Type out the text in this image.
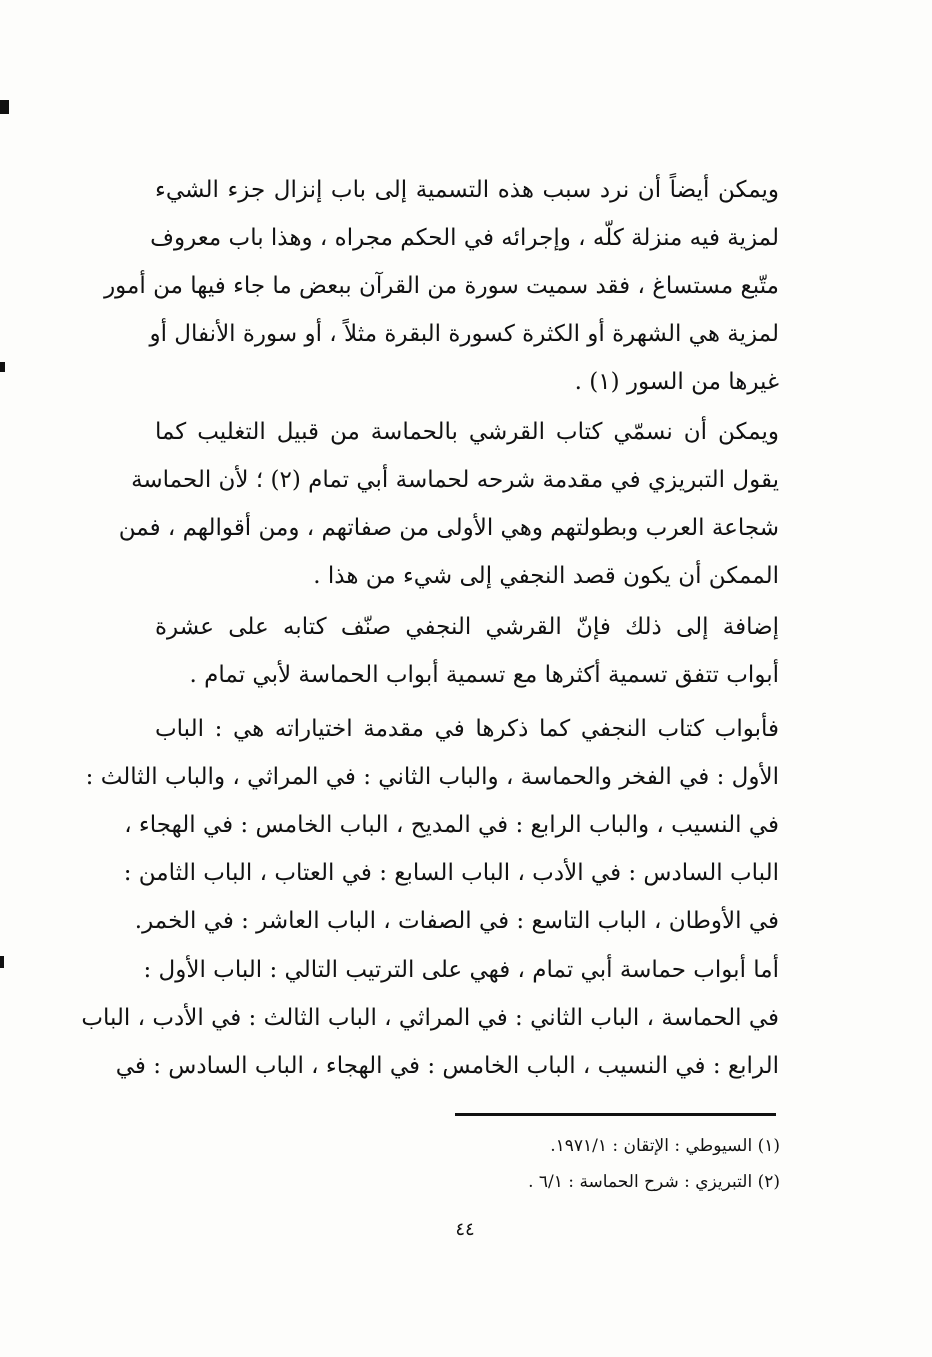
ويمكن أيضاً أن نرد سبب هذه التسمية إلى باب إنزال جزء الشيء
لمزية فيه منزلة كلّه ، وإجرائه في الحكم مجراه ، وهذا باب معروف
متّبع مستساغ ، فقد سميت سورة من القرآن ببعض ما جاء فيها من أمور
لمزية هي الشهرة أو الكثرة كسورة البقرة مثلاً ، أو سورة الأنفال أو
غيرها من السور (١) .
ويمكن أن نسمّي كتاب القرشي بالحماسة من قبيل التغليب كما
يقول التبريزي في مقدمة شرحه لحماسة أبي تمام (٢) ؛ لأن الحماسة
شجاعة العرب وبطولتهم وهي الأولى من صفاتهم ، ومن أقوالهم ، فمن
الممكن أن يكون قصد النجفي إلى شيء من هذا .
إضافة إلى ذلك فإنّ القرشي النجفي صنّف كتابه على عشرة
أبواب تتفق تسمية أكثرها مع تسمية أبواب الحماسة لأبي تمام .
فأبواب كتاب النجفي كما ذكرها في مقدمة اختياراته هي : الباب
الأول : في الفخر والحماسة ، والباب الثاني : في المراثي ، والباب الثالث :
في النسيب ، والباب الرابع : في المديح ، الباب الخامس : في الهجاء ،
الباب السادس : في الأدب ، الباب السابع : في العتاب ، الباب الثامن :
في الأوطان ، الباب التاسع : في الصفات ، الباب العاشر : في الخمر.
أما أبواب حماسة أبي تمام ، فهي على الترتيب التالي : الباب الأول :
في الحماسة ، الباب الثاني : في المراثي ، الباب الثالث : في الأدب ، الباب
الرابع : في النسيب ، الباب الخامس : في الهجاء ، الباب السادس : في
(١) السيوطي : الإتقان : ١٩٧١/١.
(٢) التبريزي : شرح الحماسة : ٦/١ .
٤٤
